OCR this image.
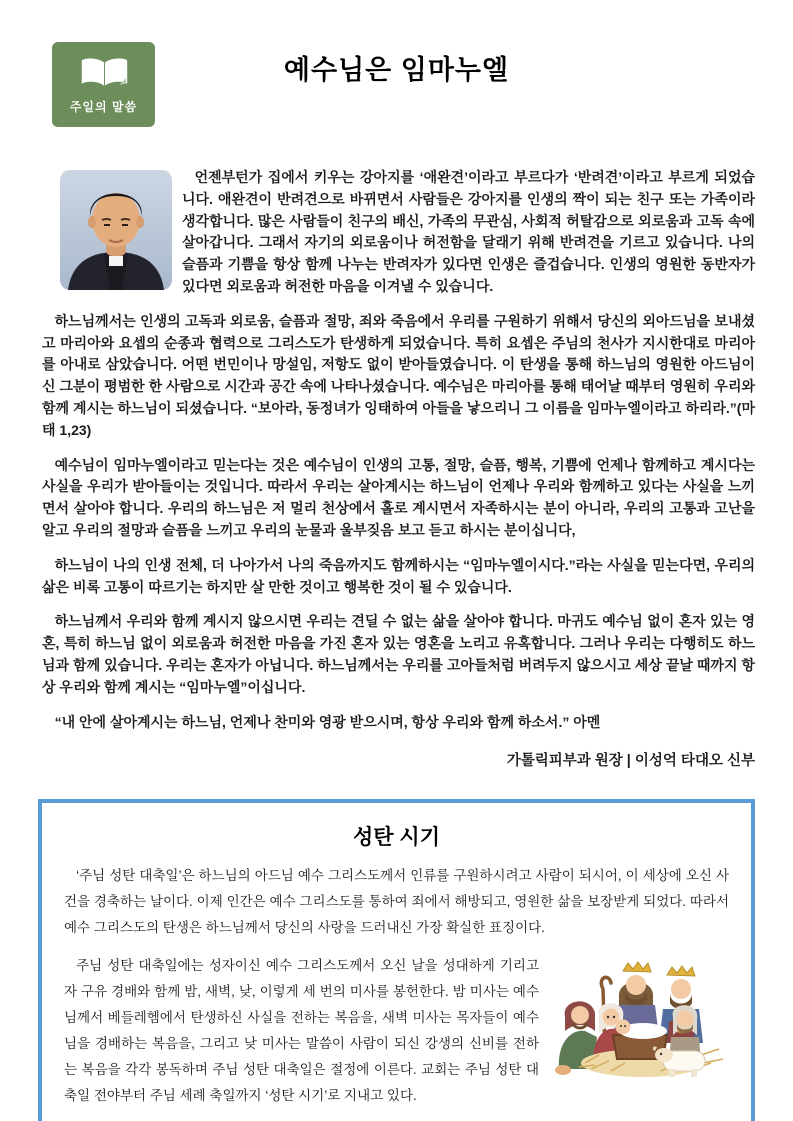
주일의 말씀
예수님은 임마누엘

언젠부턴가 집에서 키우는 강아지를 ‘애완견’이라고 부르다가 ‘반려견’이라고 부르게 되었습니다. 애완견이 반려견으로 바뀌면서 사람들은 강아지를 인생의 짝이 되는 친구 또는 가족이라 생각합니다. 많은 사람들이 친구의 배신, 가족의 무관심, 사회적 허탈감으로 외로움과 고독 속에 살아갑니다. 그래서 자기의 외로움이나 허전함을 달래기 위해 반려견을 기르고 있습니다. 나의 슬픔과 기쁨을 항상 함께 나누는 반려자가 있다면 인생은 즐겁습니다. 인생의 영원한 동반자가 있다면 외로움과 허전한 마음을 이겨낼 수 있습니다.

하느님께서는 인생의 고독과 외로움, 슬픔과 절망, 죄와 죽음에서 우리를 구원하기 위해서 당신의 외아드님을 보내셨고 마리아와 요셉의 순종과 협력으로 그리스도가 탄생하게 되었습니다. 특히 요셉은 주님의 천사가 지시한대로 마리아를 아내로 삼았습니다. 어떤 번민이나 망설임, 저항도 없이 받아들였습니다. 이 탄생을 통해 하느님의 영원한 아드님이신 그분이 평범한 한 사람으로 시간과 공간 속에 나타나셨습니다. 예수님은 마리아를 통해 태어날 때부터 영원히 우리와 함께 계시는 하느님이 되셨습니다. “보아라, 동정녀가 잉태하여 아들을 낳으리니 그 이름을 임마누엘이라고 하리라.”(마태 1,23)

예수님이 임마누엘이라고 믿는다는 것은 예수님이 인생의 고통, 절망, 슬픔, 행복, 기쁨에 언제나 함께하고 계시다는 사실을 우리가 받아들이는 것입니다. 따라서 우리는 살아계시는 하느님이 언제나 우리와 함께하고 있다는 사실을 느끼면서 살아야 합니다. 우리의 하느님은 저 멀리 천상에서 홀로 계시면서 자족하시는 분이 아니라, 우리의 고통과 고난을 알고 우리의 절망과 슬픔을 느끼고 우리의 눈물과 울부짖음 보고 듣고 하시는 분이십니다,

하느님이 나의 인생 전체, 더 나아가서 나의 죽음까지도 함께하시는 “임마누엘이시다.”라는 사실을 믿는다면, 우리의 삶은 비록 고통이 따르기는 하지만 살 만한 것이고 행복한 것이 될 수 있습니다.

하느님께서 우리와 함께 계시지 않으시면 우리는 견딜 수 없는 삶을 살아야 합니다. 마귀도 예수님 없이 혼자 있는 영혼, 특히 하느님 없이 외로움과 허전한 마음을 가진 혼자 있는 영혼을 노리고 유혹합니다. 그러나 우리는 다행히도 하느님과 함께 있습니다. 우리는 혼자가 아닙니다. 하느님께서는 우리를 고아들처럼 버려두지 않으시고 세상 끝날 때까지 항상 우리와 함께 계시는 “임마누엘”이십니다.

“내 안에 살아계시는 하느님, 언제나 찬미와 영광 받으시며, 항상 우리와 함께 하소서.” 아멘

가톨릭피부과 원장 | 이성억 타대오 신부
성탄 시기

‘주님 성탄 대축일’은 하느님의 아드님 예수 그리스도께서 인류를 구원하시려고 사람이 되시어, 이 세상에 오신 사건을 경축하는 날이다. 이제 인간은 예수 그리스도를 통하여 죄에서 해방되고, 영원한 삶을 보장받게 되었다. 따라서 예수 그리스도의 탄생은 하느님께서 당신의 사랑을 드러내신 가장 확실한 표징이다.

주님 성탄 대축일에는 성자이신 예수 그리스도께서 오신 날을 성대하게 기리고자 구유 경배와 함께 밤, 새벽, 낮, 이렇게 세 번의 미사를 봉헌한다. 밤 미사는 예수님께서 베들레헴에서 탄생하신 사실을 전하는 복음을, 새벽 미사는 목자들이 예수님을 경배하는 복음을, 그리고 낮 미사는 말씀이 사람이 되신 강생의 신비를 전하는 복음을 각각 봉독하며 주님 성탄 대축일은 절정에 이른다. 교회는 주님 성탄 대축일 전야부터 주님 세례 축일까지 ‘성탄 시기’로 지내고 있다.
